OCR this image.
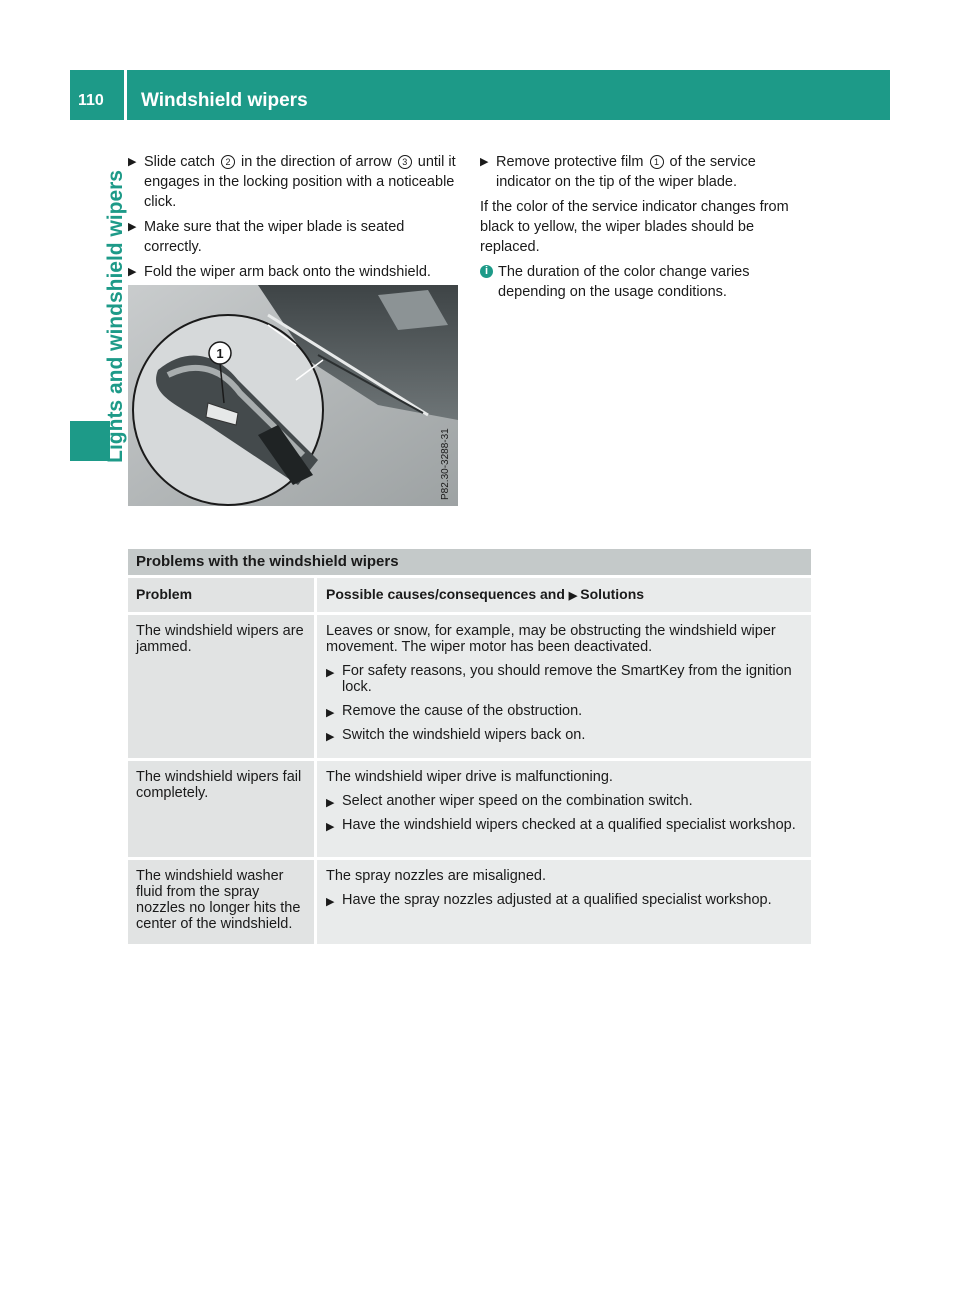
110	Windshield wipers
Lights and windshield wipers
▶ Slide catch 2 in the direction of arrow 3 until it engages in the locking position with a noticeable click.
▶ Make sure that the wiper blade is seated correctly.
▶ Fold the wiper arm back onto the windshield.
1
P82.30-3288-31
▶ Remove protective film 1 of the service indicator on the tip of the wiper blade.
If the color of the service indicator changes from black to yellow, the wiper blades should be replaced.
i The duration of the color change varies depending on the usage conditions.
Problems with the windshield wipers
Problem	Possible causes/consequences and ▶ Solutions
The windshield wipers are jammed.
Leaves or snow, for example, may be obstructing the windshield wiper movement. The wiper motor has been deactivated.
▶ For safety reasons, you should remove the SmartKey from the ignition lock.
▶ Remove the cause of the obstruction.
▶ Switch the windshield wipers back on.
The windshield wipers fail completely.
The windshield wiper drive is malfunctioning.
▶ Select another wiper speed on the combination switch.
▶ Have the windshield wipers checked at a qualified specialist workshop.
The windshield washer fluid from the spray nozzles no longer hits the center of the windshield.
The spray nozzles are misaligned.
▶ Have the spray nozzles adjusted at a qualified specialist workshop.
